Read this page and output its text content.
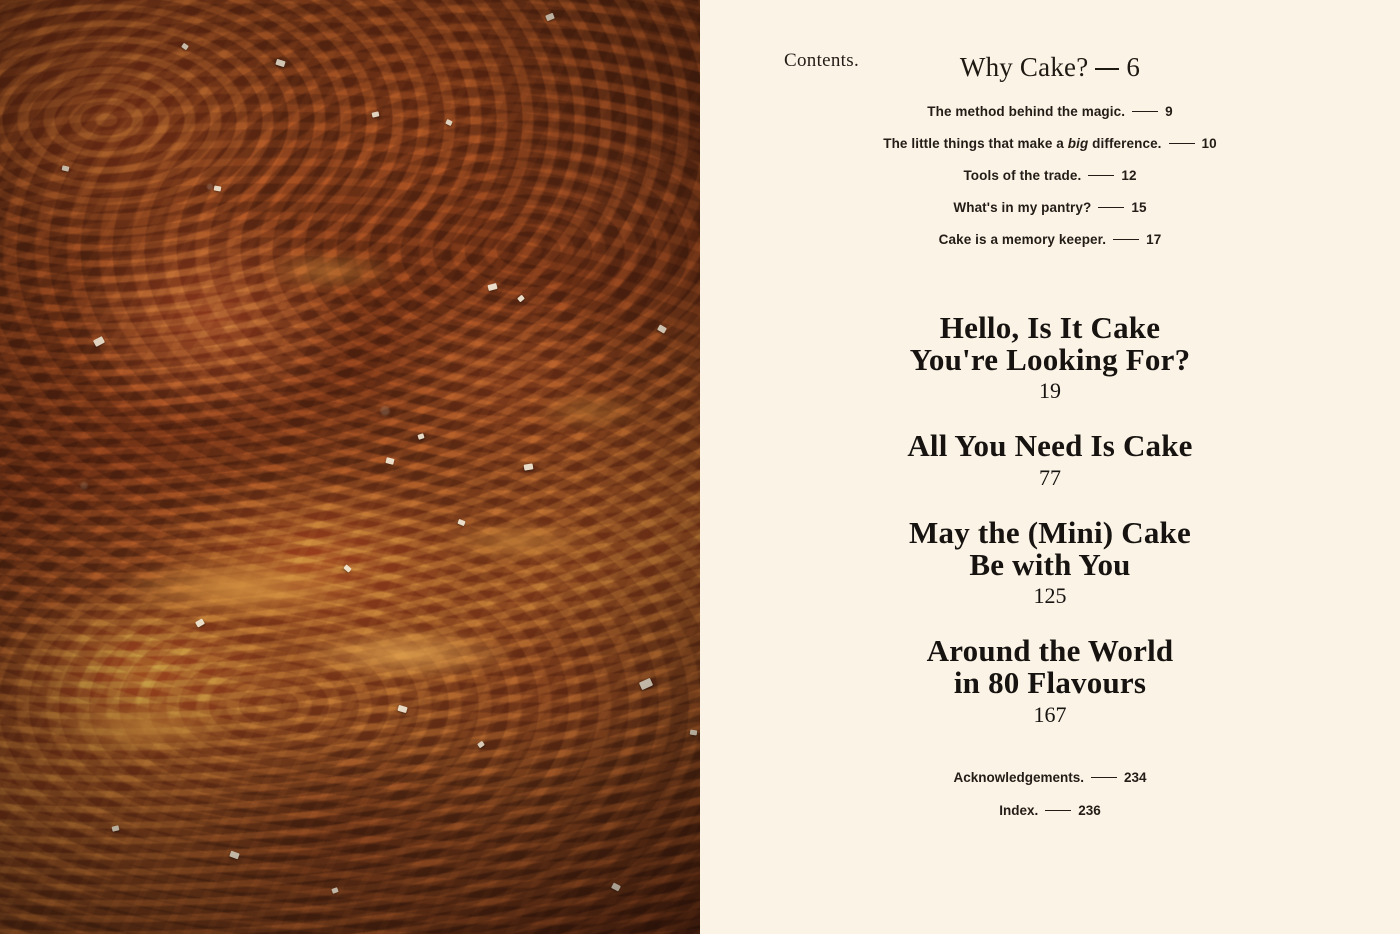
Contents.	Why Cake? 6
The method behind the magic.	9
The little things that make a big difference.	10
Tools of the trade.	12
What's in my pantry?	15
Cake is a memory keeper.	17
Hello, Is It Cake
You're Looking For?
19
All You Need Is Cake
77
May the (Mini) Cake
Be with You
125
Around the World
in 80 Flavours
167
Acknowledgements.	234
Index.	236
